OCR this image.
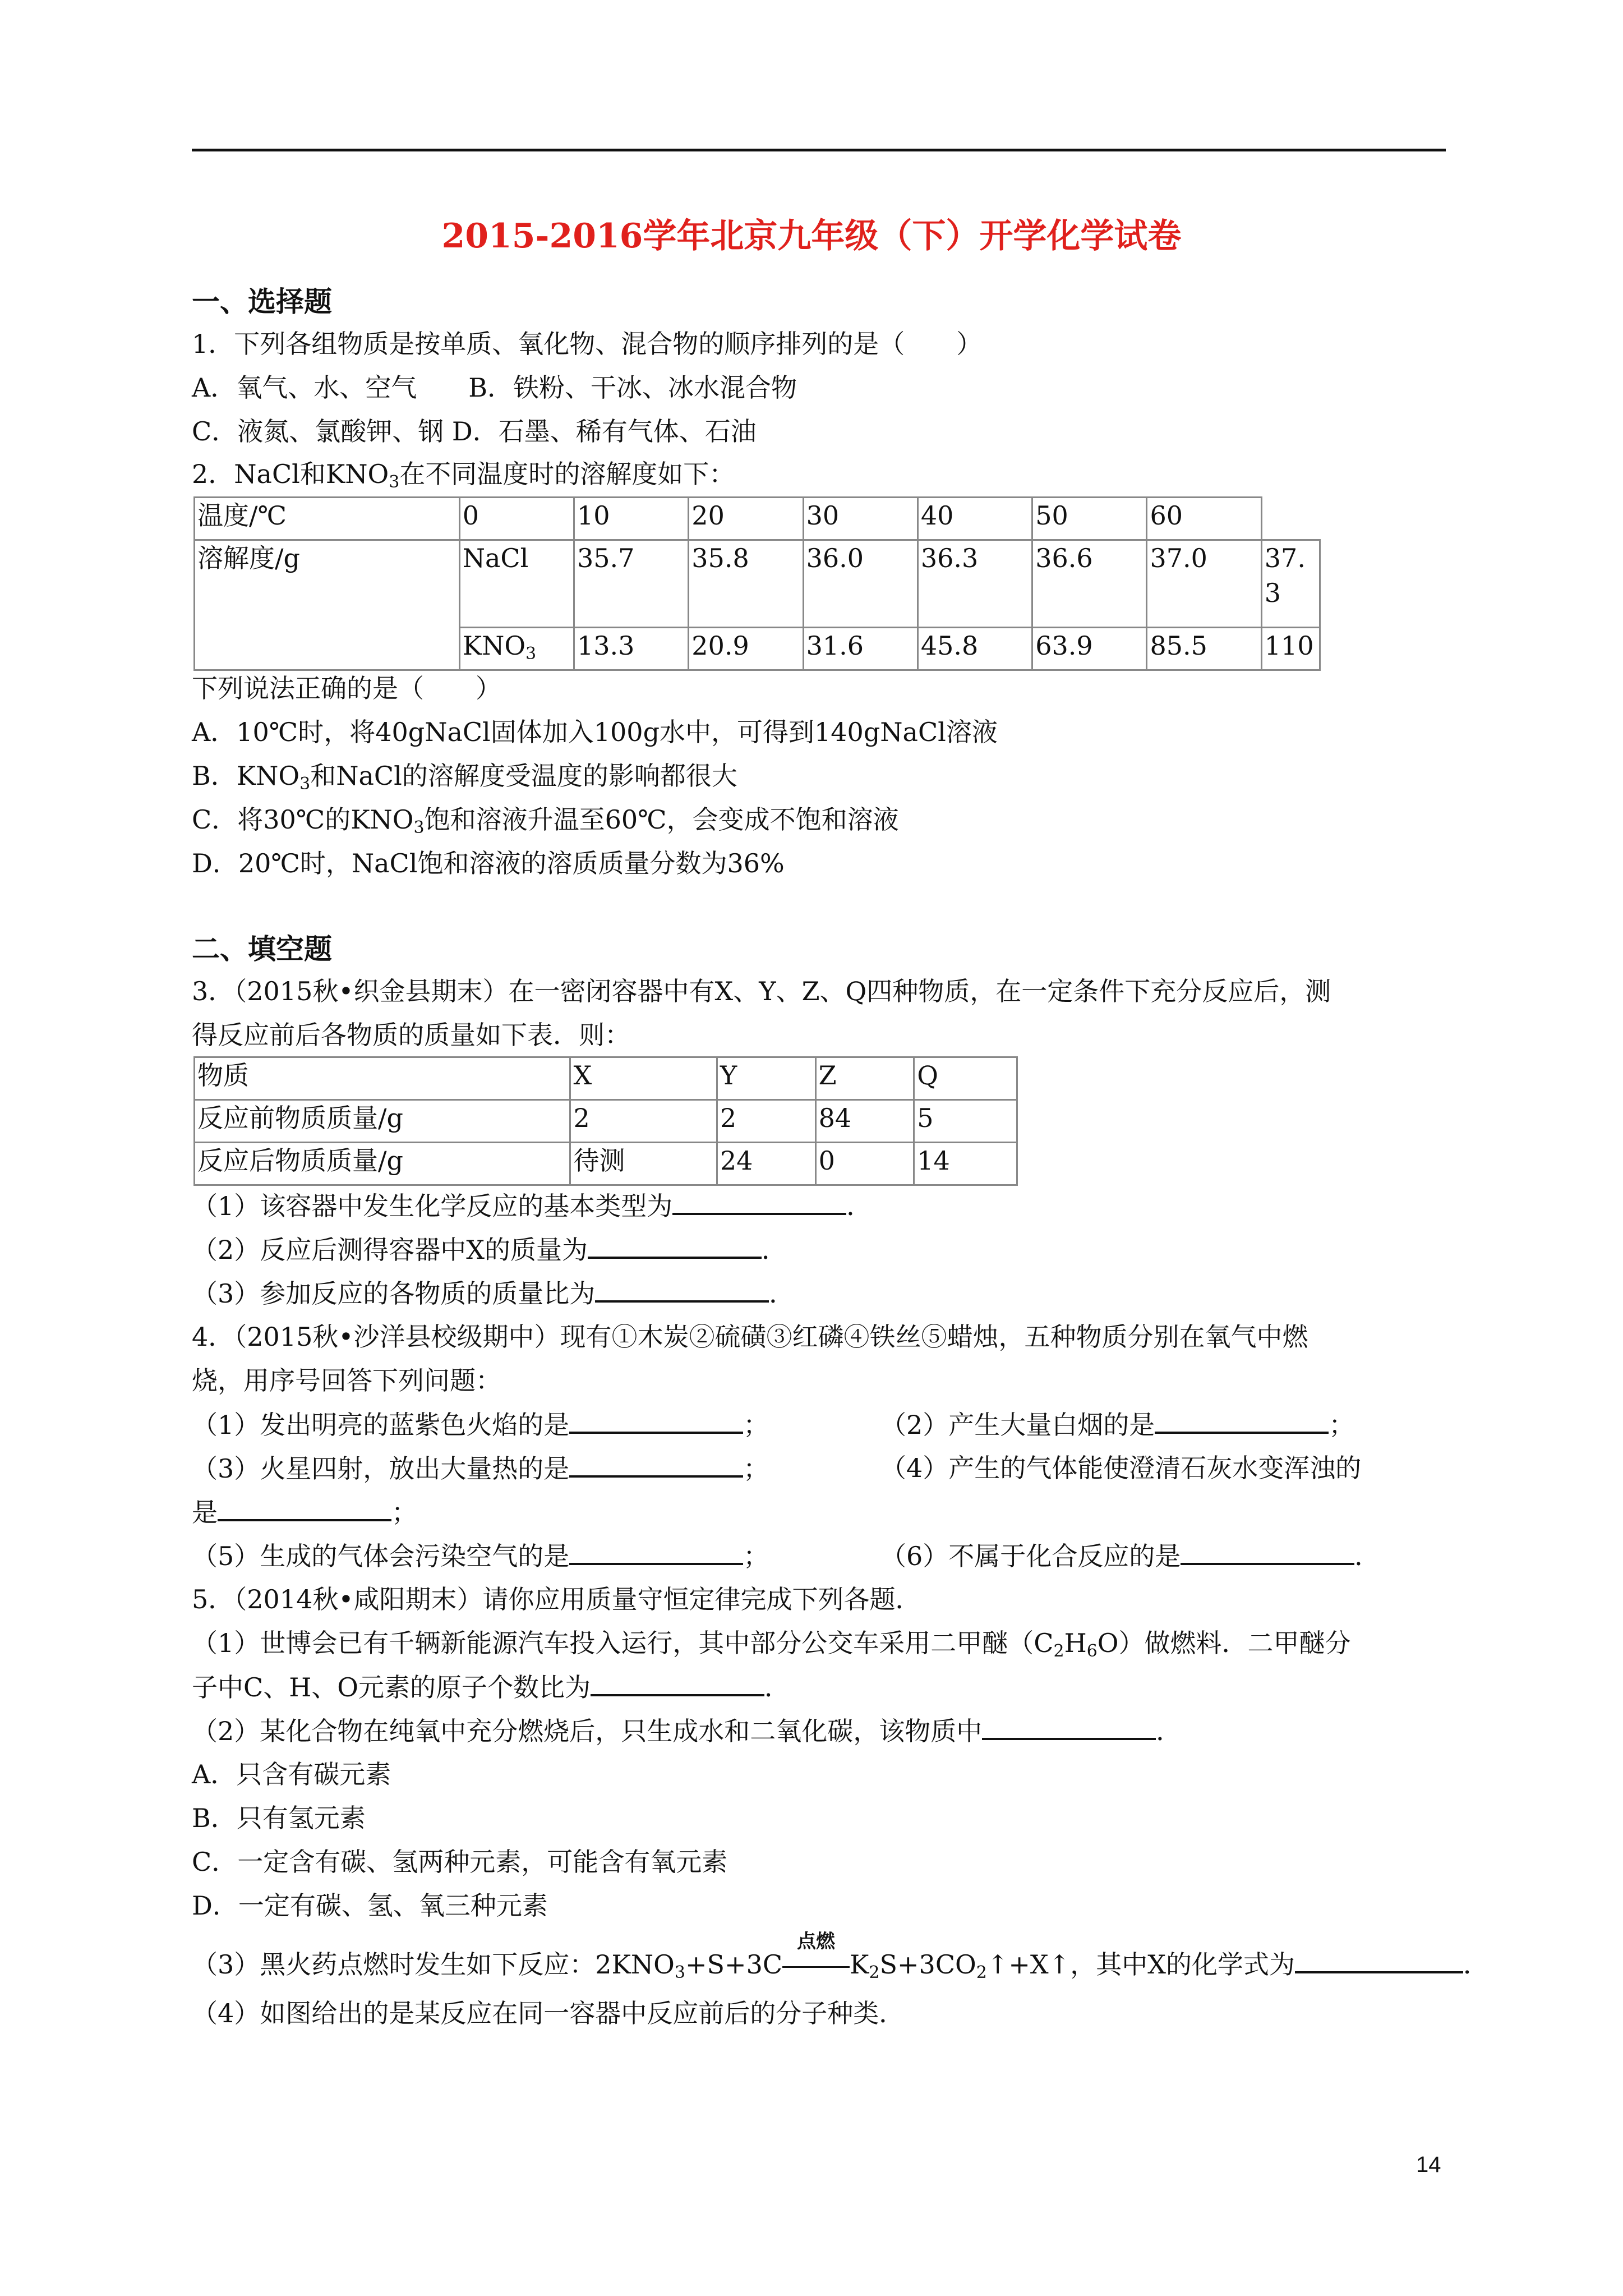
2015-2016学年北京九年级（下）开学化学试卷
一、选择题
1．下列各组物质是按单质、氧化物、混合物的顺序排列的是（　　）
A．氧气、水、空气　　B．铁粉、干冰、冰水混合物
C．液氮、氯酸钾、钢 D．石墨、稀有气体、石油
2．NaCl和$KNO_3$在不同温度时的溶解度如下：
温度/℃	0	10	20	30	40	50	60	
溶解度/g	NaCl	35.7	35.8	36.0	36.3	36.6	37.0	37.3
	$KNO_3$	13.3	20.9	31.6	45.8	63.9	85.5	110
下列说法正确的是（　　）
A．10℃时，将40gNaCl固体加入100g水中，可得到140gNaCl溶液
B．$KNO_3$和NaCl的溶解度受温度的影响都很大
C．将30℃的$KNO_3$饱和溶液升温至60℃，会变成不饱和溶液
D．20℃时，NaCl饱和溶液的溶质质量分数为36%
二、填空题
3．（2015秋•织金县期末）在一密闭容器中有X、Y、Z、Q四种物质，在一定条件下充分反应后，测
得反应前后各物质的质量如下表．则：
物质	X	Y	Z	Q
反应前物质质量/g	2	2	84	5
反应后物质质量/g	待测	24	0	14
（1）该容器中发生化学反应的基本类型为	．
（2）反应后测得容器中X的质量为	．
（3）参加反应的各物质的质量比为	．
4．（2015秋•沙洋县校级期中）现有①木炭②硫磺③红磷④铁丝⑤蜡烛，五种物质分别在氧气中燃
烧，用序号回答下列问题：
（1）发出明亮的蓝紫色火焰的是	；	（2）产生大量白烟的是	；
（3）火星四射，放出大量热的是	；	（4）产生的气体能使澄清石灰水变浑浊的
是	；
（5）生成的气体会污染空气的是	；	（6）不属于化合反应的是	．
5．（2014秋•咸阳期末）请你应用质量守恒定律完成下列各题．
（1）世博会已有千辆新能源汽车投入运行，其中部分公交车采用二甲醚$(C_2H_6O)$做燃料．二甲醚分
子中C、H、O元素的原子个数比为	．
（2）某化合物在纯氧中充分燃烧后，只生成水和二氧化碳，该物质中	．
A．只含有碳元素
B．只有氢元素
C．一定含有碳、氢两种元素，可能含有氧元素
D．一定有碳、氢、氧三种元素
（3）黑火药点燃时发生如下反应：$2KNO_3+S+3C$
点燃
$K_2S+3CO_2↑+X↑$，其中X的化学式为	．
（4）如图给出的是某反应在同一容器中反应前后的分子种类．
14
